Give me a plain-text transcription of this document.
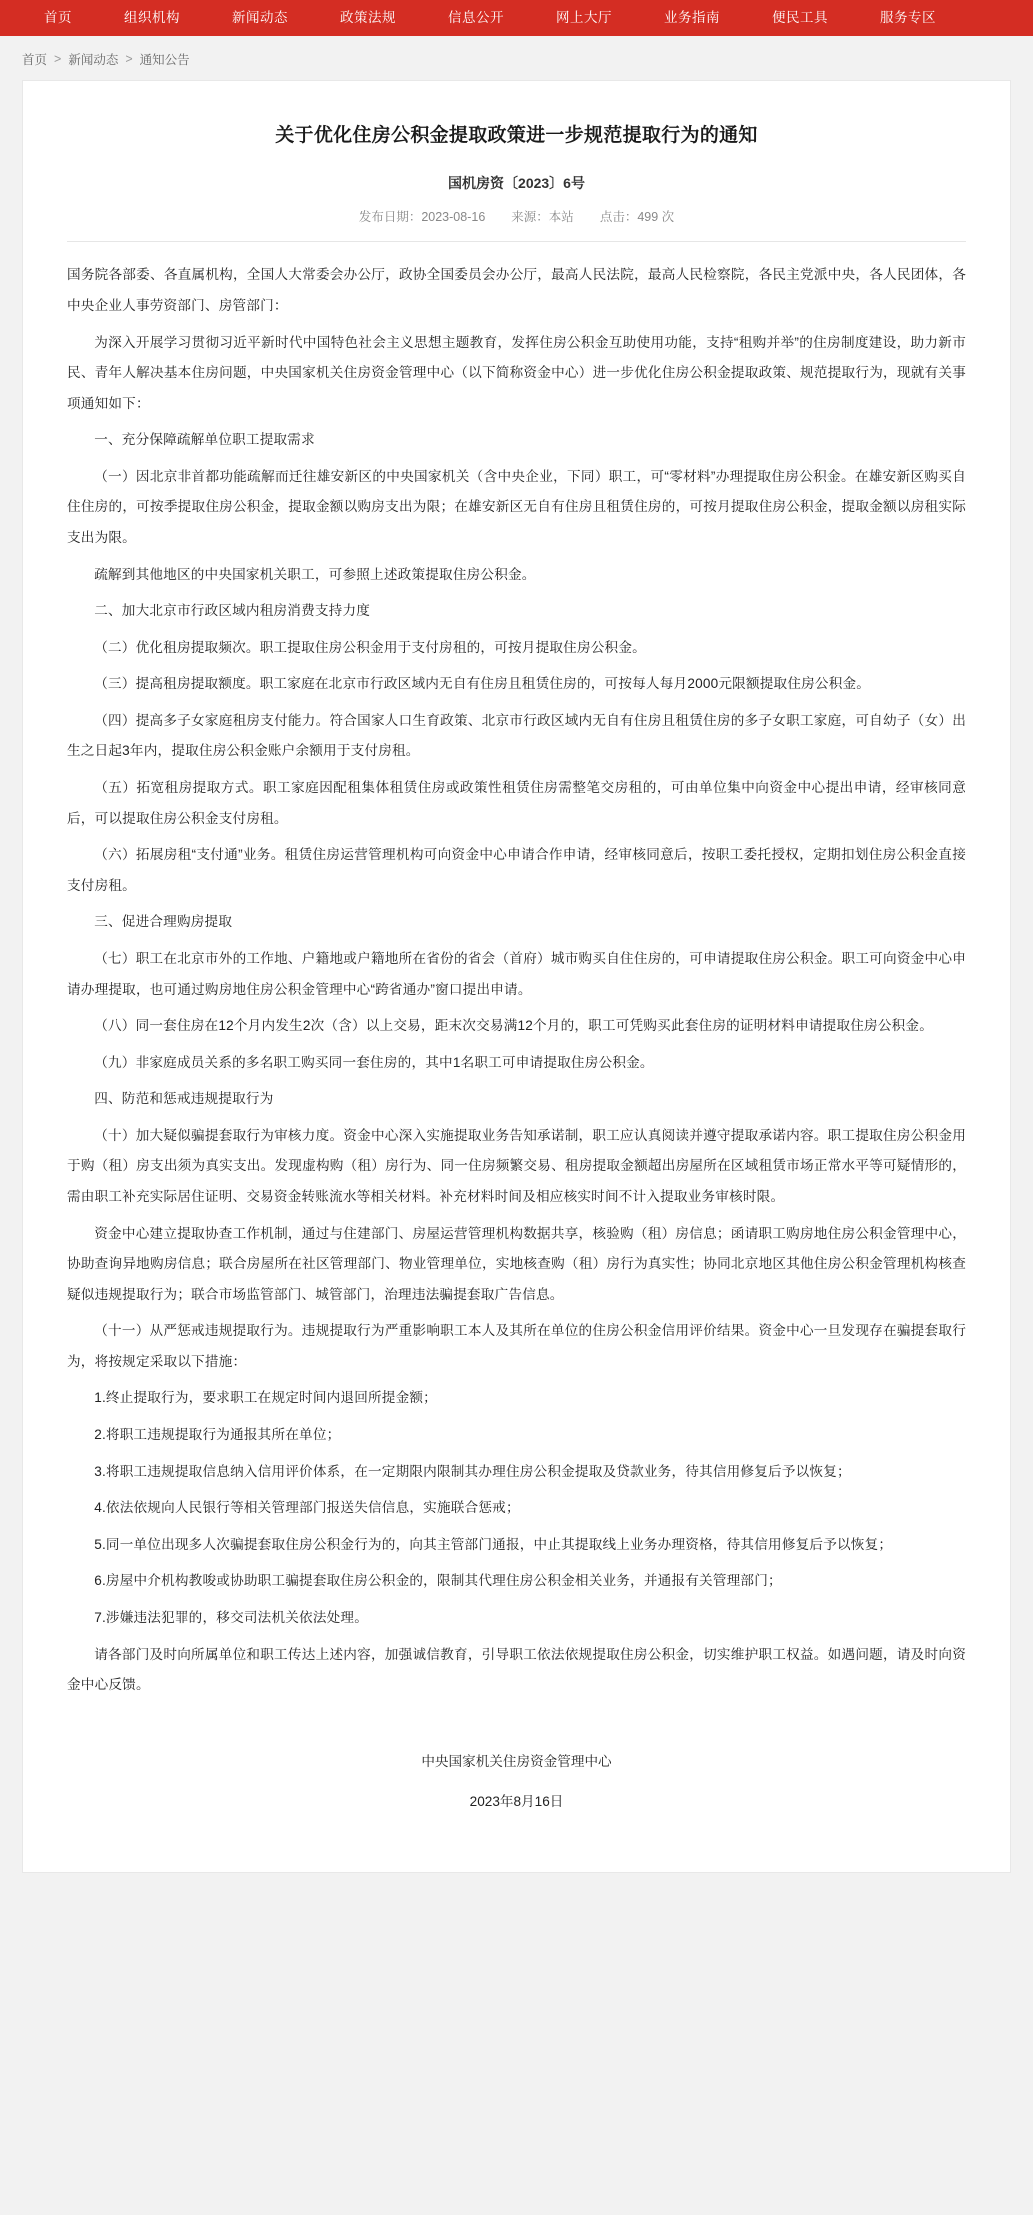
首页	组织机构	新闻动态	政策法规	信息公开	网上大厅	业务指南	便民工具	服务专区
首页 > 新闻动态 > 通知公告
关于优化住房公积金提取政策进一步规范提取行为的通知
国机房资〔2023〕6号
发布日期：2023-08-16 来源：本站 点击：499 次

国务院各部委、各直属机构，全国人大常委会办公厅，政协全国委员会办公厅，最高人民法院，最高人民检察院，各民主党派中央，各人民团体，各中央企业人事劳资部门、房管部门：

为深入开展学习贯彻习近平新时代中国特色社会主义思想主题教育，发挥住房公积金互助使用功能，支持“租购并举”的住房制度建设，助力新市民、青年人解决基本住房问题，中央国家机关住房资金管理中心（以下简称资金中心）进一步优化住房公积金提取政策、规范提取行为，现就有关事项通知如下：

一、充分保障疏解单位职工提取需求

（一）因北京非首都功能疏解而迁往雄安新区的中央国家机关（含中央企业，下同）职工，可“零材料”办理提取住房公积金。在雄安新区购买自住住房的，可按季提取住房公积金，提取金额以购房支出为限；在雄安新区无自有住房且租赁住房的，可按月提取住房公积金，提取金额以房租实际支出为限。

疏解到其他地区的中央国家机关职工，可参照上述政策提取住房公积金。

二、加大北京市行政区域内租房消费支持力度

（二）优化租房提取频次。职工提取住房公积金用于支付房租的，可按月提取住房公积金。

（三）提高租房提取额度。职工家庭在北京市行政区域内无自有住房且租赁住房的，可按每人每月2000元限额提取住房公积金。

（四）提高多子女家庭租房支付能力。符合国家人口生育政策、北京市行政区域内无自有住房且租赁住房的多子女职工家庭，可自幼子（女）出生之日起3年内，提取住房公积金账户余额用于支付房租。

（五）拓宽租房提取方式。职工家庭因配租集体租赁住房或政策性租赁住房需整笔交房租的，可由单位集中向资金中心提出申请，经审核同意后，可以提取住房公积金支付房租。

（六）拓展房租“支付通”业务。租赁住房运营管理机构可向资金中心申请合作申请，经审核同意后，按职工委托授权，定期扣划住房公积金直接支付房租。

三、促进合理购房提取

（七）职工在北京市外的工作地、户籍地或户籍地所在省份的省会（首府）城市购买自住住房的，可申请提取住房公积金。职工可向资金中心申请办理提取，也可通过购房地住房公积金管理中心“跨省通办”窗口提出申请。

（八）同一套住房在12个月内发生2次（含）以上交易，距末次交易满12个月的，职工可凭购买此套住房的证明材料申请提取住房公积金。

（九）非家庭成员关系的多名职工购买同一套住房的，其中1名职工可申请提取住房公积金。

四、防范和惩戒违规提取行为

（十）加大疑似骗提套取行为审核力度。资金中心深入实施提取业务告知承诺制，职工应认真阅读并遵守提取承诺内容。职工提取住房公积金用于购（租）房支出须为真实支出。发现虚构购（租）房行为、同一住房频繁交易、租房提取金额超出房屋所在区域租赁市场正常水平等可疑情形的，需由职工补充实际居住证明、交易资金转账流水等相关材料。补充材料时间及相应核实时间不计入提取业务审核时限。

资金中心建立提取协查工作机制，通过与住建部门、房屋运营管理机构数据共享，核验购（租）房信息；函请职工购房地住房公积金管理中心，协助查询异地购房信息；联合房屋所在社区管理部门、物业管理单位，实地核查购（租）房行为真实性；协同北京地区其他住房公积金管理机构核查疑似违规提取行为；联合市场监管部门、城管部门，治理违法骗提套取广告信息。

（十一）从严惩戒违规提取行为。违规提取行为严重影响职工本人及其所在单位的住房公积金信用评价结果。资金中心一旦发现存在骗提套取行为，将按规定采取以下措施：

1.终止提取行为，要求职工在规定时间内退回所提金额；

2.将职工违规提取行为通报其所在单位；

3.将职工违规提取信息纳入信用评价体系，在一定期限内限制其办理住房公积金提取及贷款业务，待其信用修复后予以恢复；

4.依法依规向人民银行等相关管理部门报送失信信息，实施联合惩戒；

5.同一单位出现多人次骗提套取住房公积金行为的，向其主管部门通报，中止其提取线上业务办理资格，待其信用修复后予以恢复；

6.房屋中介机构教唆或协助职工骗提套取住房公积金的，限制其代理住房公积金相关业务，并通报有关管理部门；

7.涉嫌违法犯罪的，移交司法机关依法处理。

请各部门及时向所属单位和职工传达上述内容，加强诚信教育，引导职工依法依规提取住房公积金，切实维护职工权益。如遇问题，请及时向资金中心反馈。

中央国家机关住房资金管理中心

2023年8月16日
